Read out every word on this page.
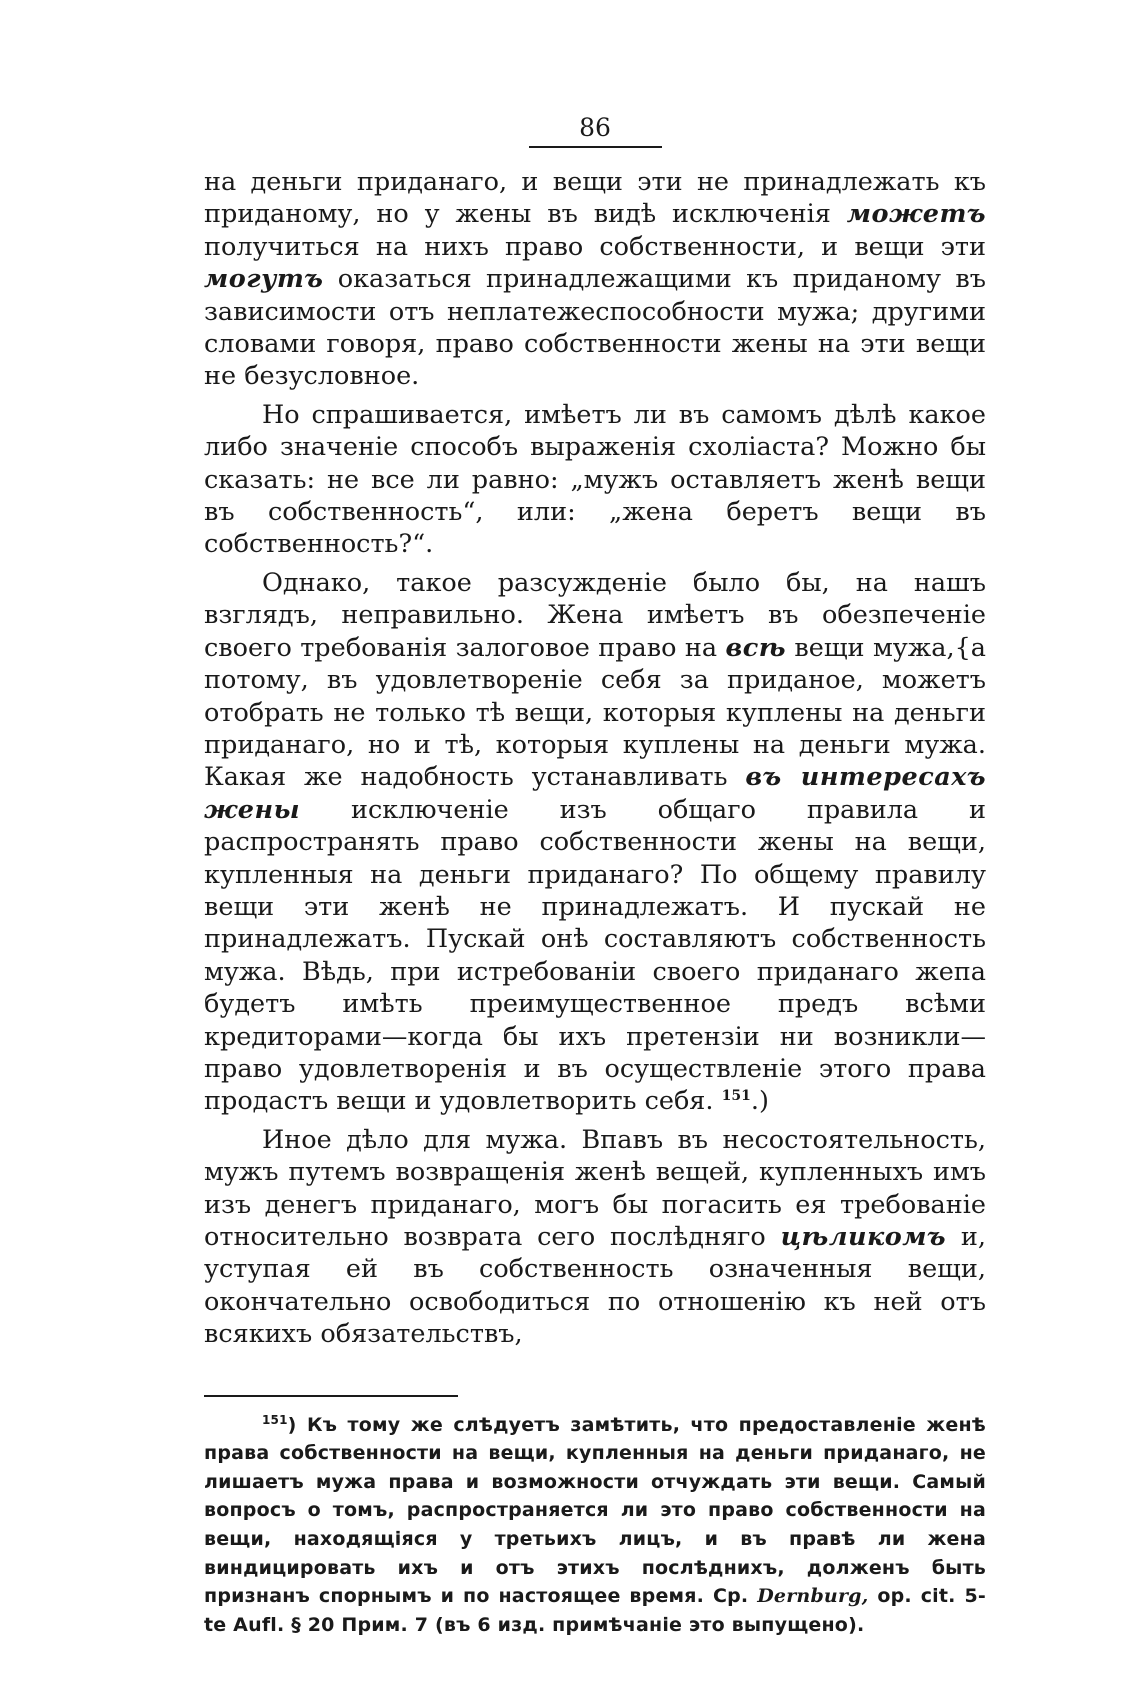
86

на деньги приданаго, и вещи эти не принадлежать къ приданому, но у жены въ видѣ исключенія можетъ получиться на нихъ право собственности, и вещи эти могутъ оказаться принадлежащими къ приданому въ зависимости отъ неплатежеспособности мужа; другими словами говоря, право собственности жены на эти вещи не безусловное.

Но спрашивается, имѣетъ ли въ самомъ дѣлѣ какое либо значеніе способъ выраженія схоліаста? Можно бы сказать: не все ли равно: „мужъ оставляетъ женѣ вещи въ собственность“, или: „жена беретъ вещи въ собственность?“.

Однако, такое разсужденіе было бы, на нашъ взглядъ, неправильно. Жена имѣетъ въ обезпеченіе своего требованія залоговое право на всѣ вещи мужа,{а потому, въ удовлетвореніе себя за приданое, можетъ отобрать не только тѣ вещи, которыя куплены на деньги приданаго, но и тѣ, которыя куплены на деньги мужа. Какая же надобность устанавливать въ интересахъ жены исключеніе изъ общаго правила и распространять право собственности жены на вещи, купленныя на деньги приданаго? По общему правилу вещи эти женѣ не принадлежатъ. И пускай не принадлежатъ. Пускай онѣ составляютъ собственность мужа. Вѣдь, при истребованіи своего приданаго жепа будетъ имѣть преимущественное предъ всѣми кредиторами—когда бы ихъ претензіи ни возникли—право удовлетворенія и въ осуществленіе этого права продастъ вещи и удовлетворить себя. $^{151}$.)

Иное дѣло для мужа. Впавъ въ несостоятельность, мужъ путемъ возвращенія женѣ вещей, купленныхъ имъ изъ денегъ приданаго, могъ бы погасить ея требованіе относительно возврата сего послѣдняго цѣликомъ и, уступая ей въ собственность означенныя вещи, окончательно освободиться по отношенію къ ней отъ всякихъ обязательствъ,

$^{151}$) Къ тому же слѣдуетъ замѣтить, что предоставленіе женѣ права собственности на вещи, купленныя на деньги приданаго, не лишаетъ мужа права и возможности отчуждать эти вещи. Самый вопросъ о томъ, распространяется ли это право собственности на вещи, находящіяся у третьихъ лицъ, и въ правѣ ли жена виндицировать ихъ и отъ этихъ послѣднихъ, долженъ быть признанъ спорнымъ и по настоящее время. Cp. Dernburg, op. cit. 5-te Aufl. § 20 Прим. 7 (въ 6 изд. примѣчаніе это выпущено).
